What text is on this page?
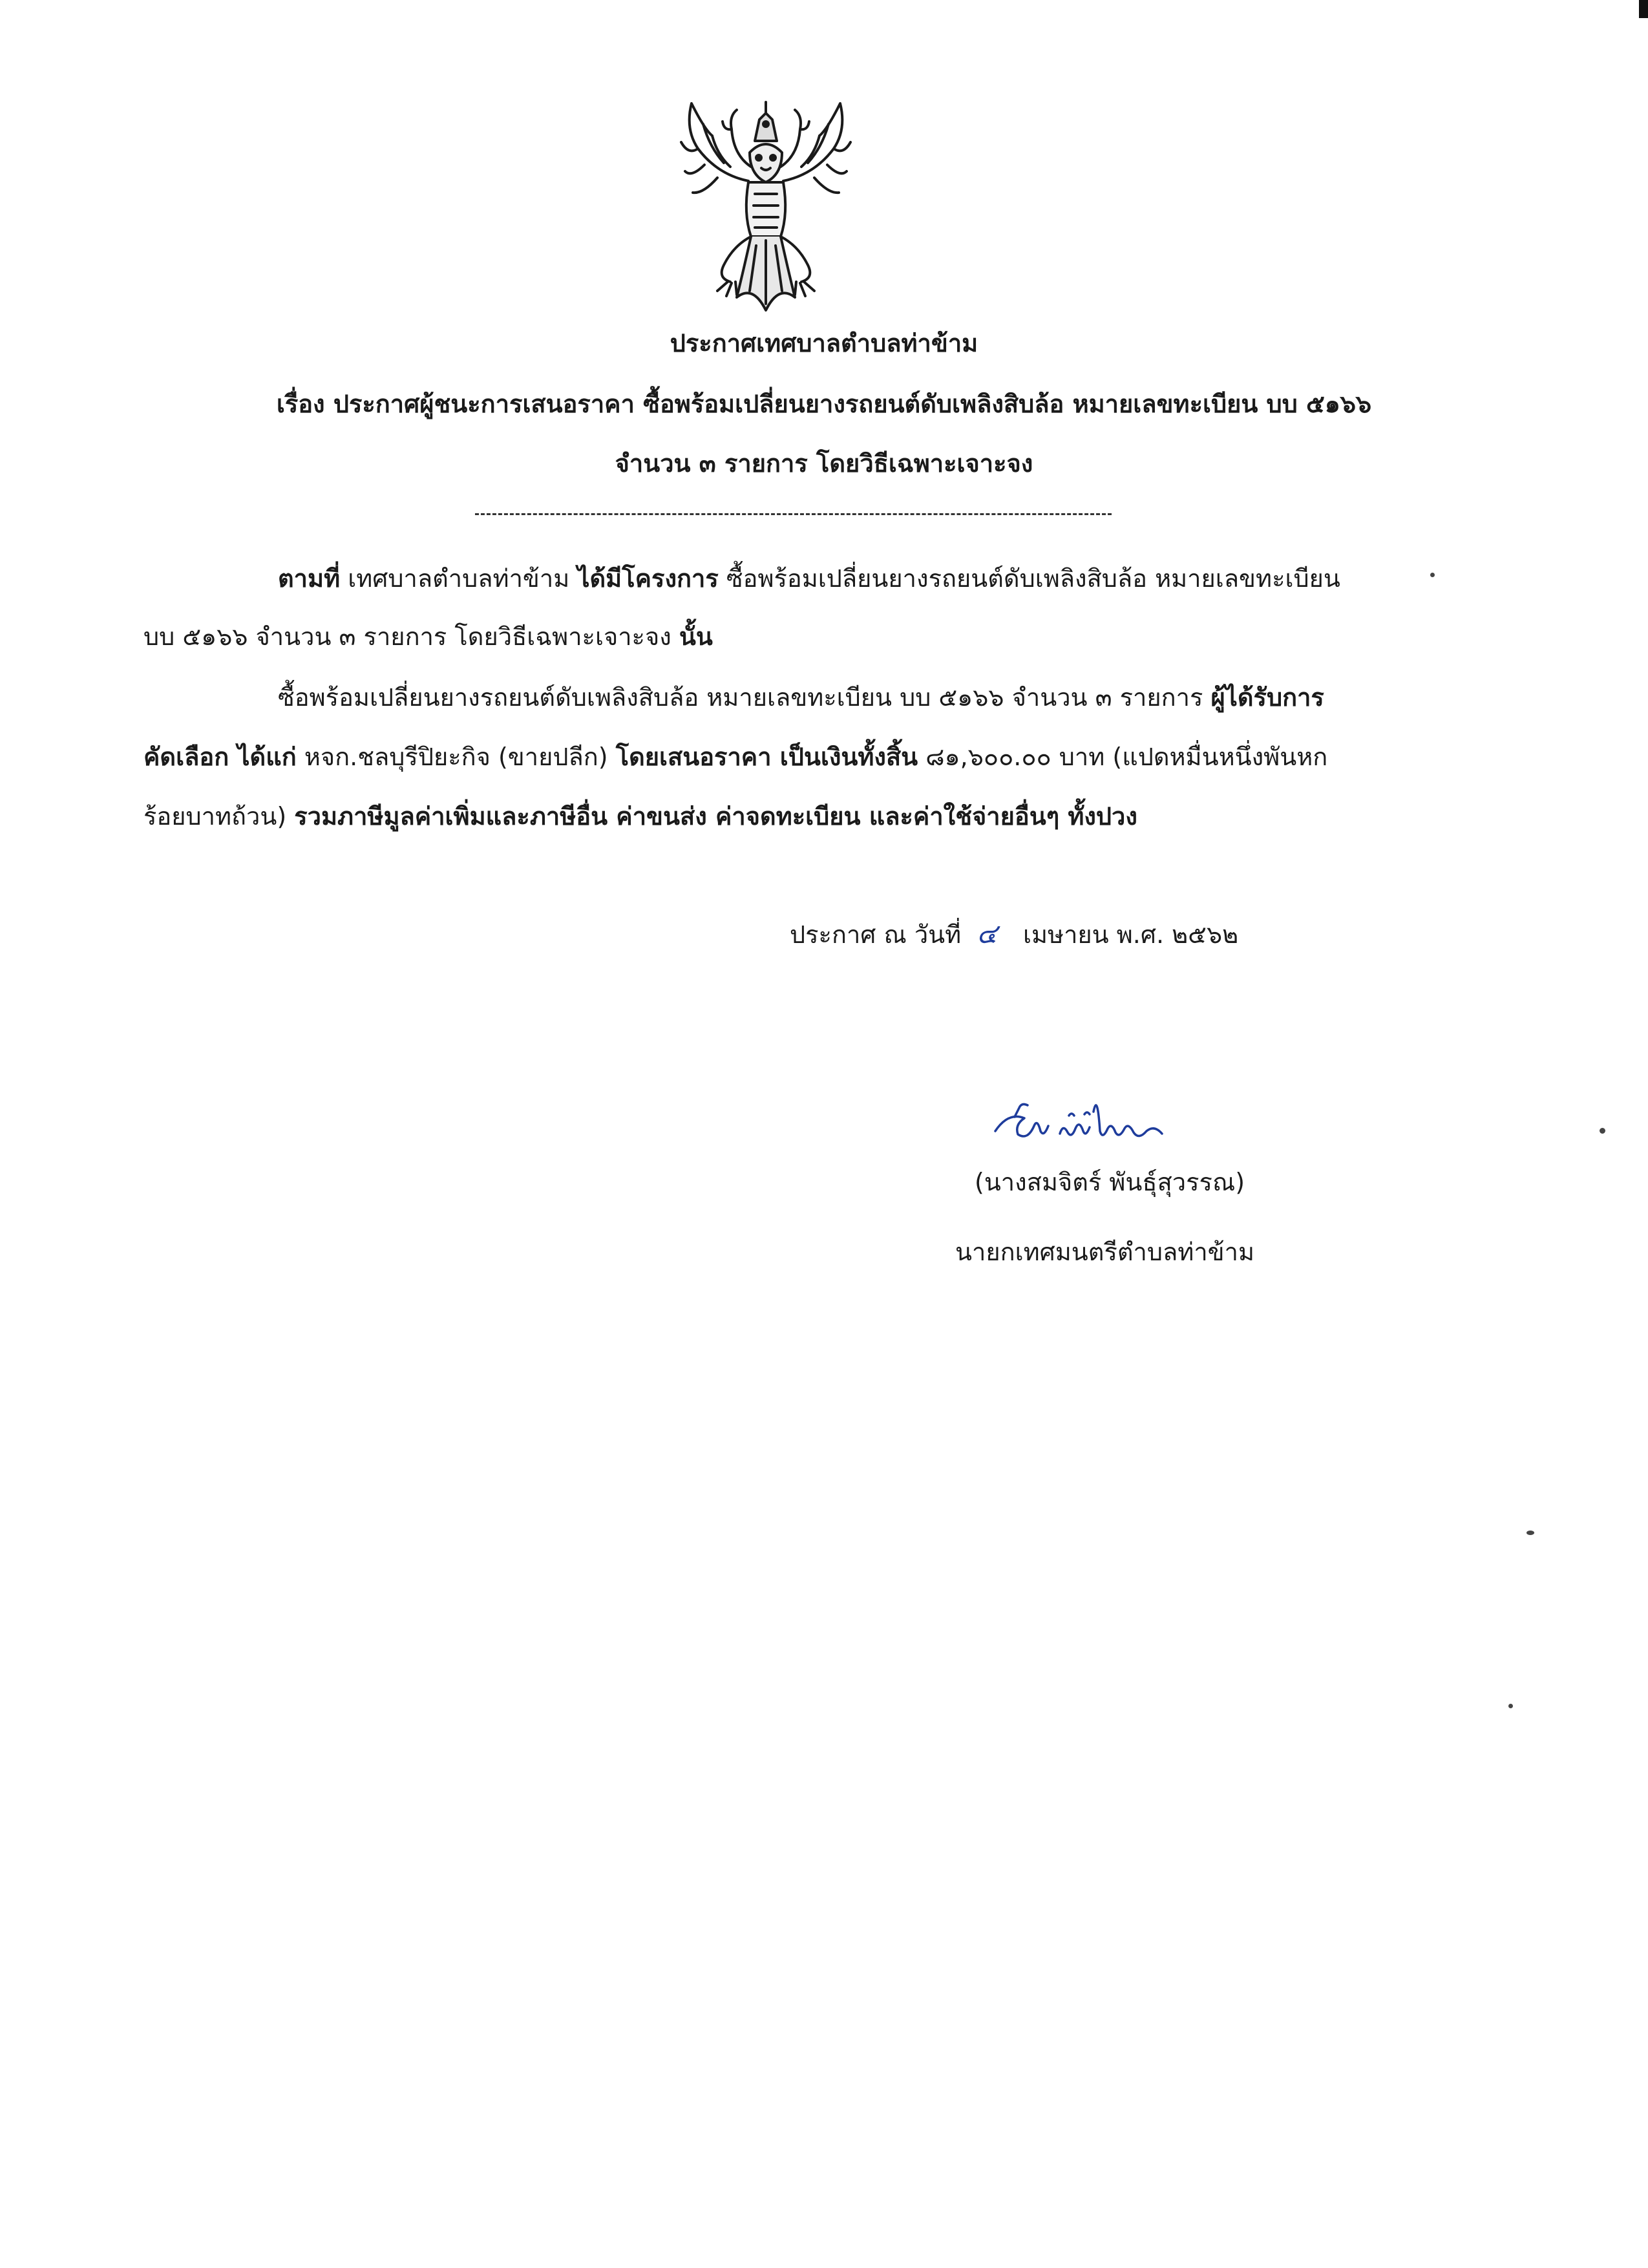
ประกาศเทศบาลตำบลท่าข้าม
เรื่อง ประกาศผู้ชนะการเสนอราคา ซื้อพร้อมเปลี่ยนยางรถยนต์ดับเพลิงสิบล้อ หมายเลขทะเบียน บบ ๕๑๖๖
จำนวน ๓ รายการ โดยวิธีเฉพาะเจาะจง
ตามที่ เทศบาลตำบลท่าข้าม ได้มีโครงการ ซื้อพร้อมเปลี่ยนยางรถยนต์ดับเพลิงสิบล้อ หมายเลขทะเบียน
บบ ๕๑๖๖ จำนวน ๓ รายการ โดยวิธีเฉพาะเจาะจง นั้น
ซื้อพร้อมเปลี่ยนยางรถยนต์ดับเพลิงสิบล้อ หมายเลขทะเบียน บบ ๕๑๖๖ จำนวน ๓ รายการ ผู้ได้รับการ
คัดเลือก ได้แก่ หจก.ชลบุรีปิยะกิจ (ขายปลีก) โดยเสนอราคา เป็นเงินทั้งสิ้น ๘๑,๖๐๐.๐๐ บาท (แปดหมื่นหนึ่งพันหก
ร้อยบาทถ้วน) รวมภาษีมูลค่าเพิ่มและภาษีอื่น ค่าขนส่ง ค่าจดทะเบียน และค่าใช้จ่ายอื่นๆ ทั้งปวง
ประกาศ ณ วันที่ ๔ เมษายน พ.ศ. ๒๕๖๒
(นางสมจิตร์ พันธุ์สุวรรณ)
นายกเทศมนตรีตำบลท่าข้าม
